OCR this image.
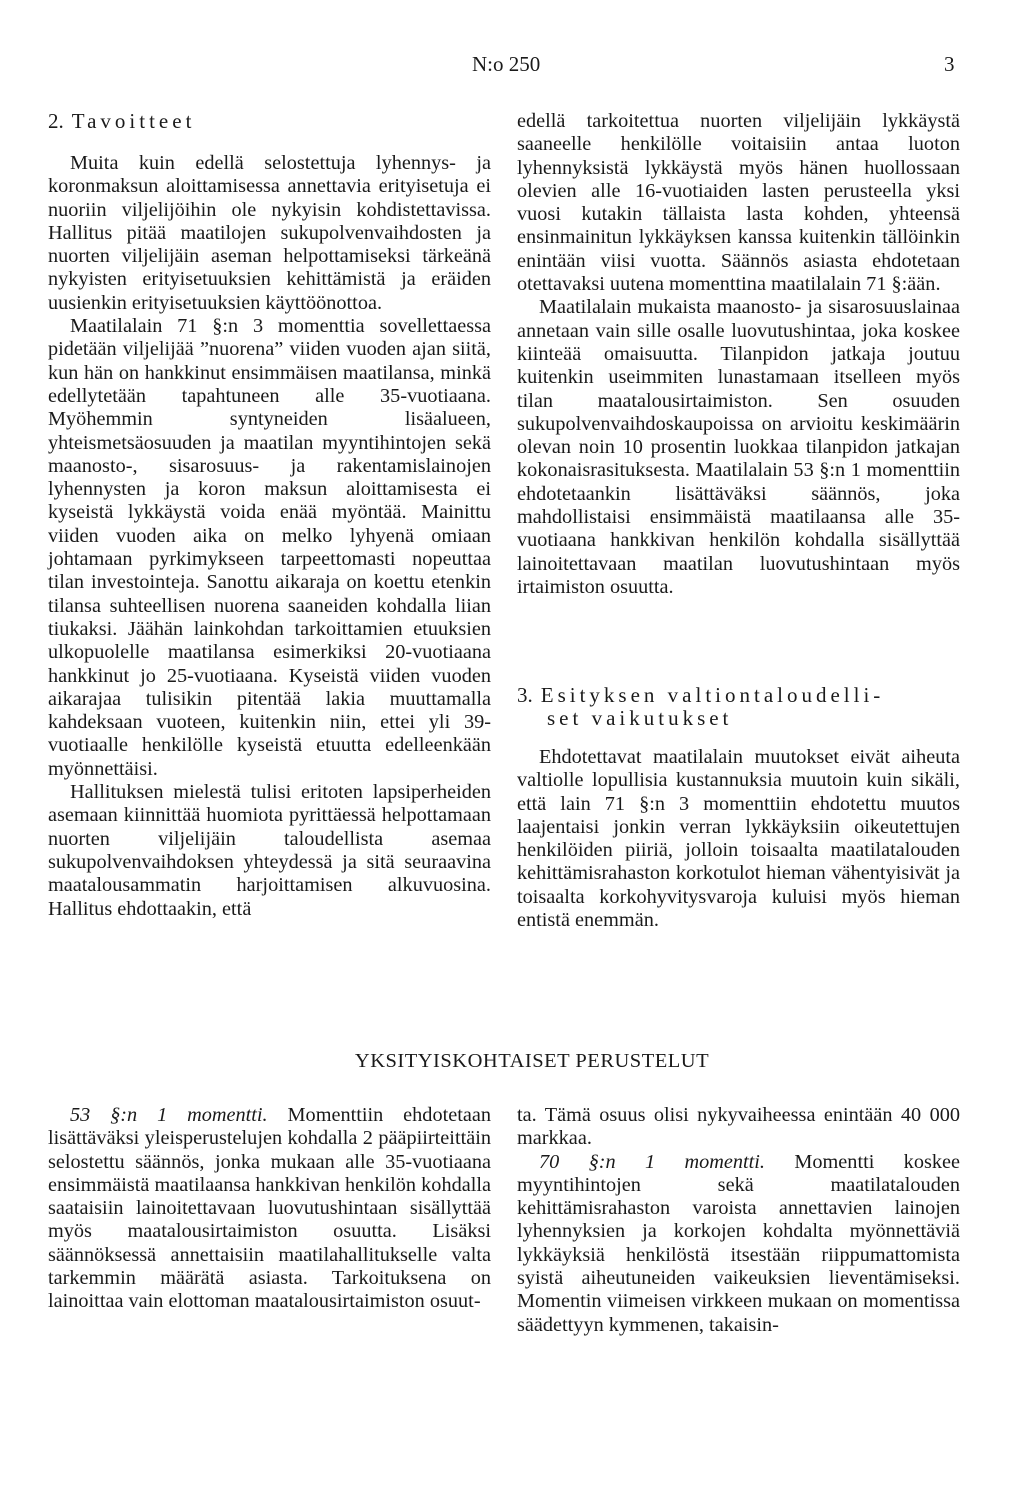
N:o 250	3
2. Tavoitteet

Muita kuin edellä selostettuja lyhennys- ja koronmaksun aloittamisessa annettavia erityisetuja ei nuoriin viljelijöihin ole nykyisin kohdistettavissa. Hallitus pitää maatilojen sukupolvenvaihdosten ja nuorten viljelijäin aseman helpottamiseksi tärkeänä nykyisten erityisetuuksien kehittämistä ja eräiden uusienkin erityisetuuksien käyttöönottoa.

Maatilalain 71 §:n 3 momenttia sovellettaessa pidetään viljelijää ”nuorena” viiden vuoden ajan siitä, kun hän on hankkinut ensimmäisen maatilansa, minkä edellytetään tapahtuneen alle 35-vuotiaana. Myöhemmin syntyneiden lisäalueen, yhteismetsäosuuden ja maatilan myyntihintojen sekä maanosto-, sisarosuus- ja rakentamislainojen lyhennysten ja koron maksun aloittamisesta ei kyseistä lykkäystä voida enää myöntää. Mainittu viiden vuoden aika on melko lyhyenä omiaan johtamaan pyrkimykseen tarpeettomasti nopeuttaa tilan investointeja. Sanottu aikaraja on koettu etenkin tilansa suhteellisen nuorena saaneiden kohdalla liian tiukaksi. Jäähän lainkohdan tarkoittamien etuuksien ulkopuolelle maatilansa esimerkiksi 20-vuotiaana hankkinut jo 25-vuotiaana. Kyseistä viiden vuoden aikarajaa tulisikin pitentää lakia muuttamalla kahdeksaan vuoteen, kuitenkin niin, ettei yli 39-vuotiaalle henkilölle kyseistä etuutta edelleenkään myönnettäisi.

Hallituksen mielestä tulisi eritoten lapsiperheiden asemaan kiinnittää huomiota pyrittäessä helpottamaan nuorten viljelijäin taloudellista asemaa sukupolvenvaihdoksen yhteydessä ja sitä seuraavina maatalousammatin harjoittamisen alkuvuosina. Hallitus ehdottaakin, että

edellä tarkoitettua nuorten viljelijäin lykkäystä saaneelle henkilölle voitaisiin antaa luoton lyhennyksistä lykkäystä myös hänen huollossaan olevien alle 16-vuotiaiden lasten perusteella yksi vuosi kutakin tällaista lasta kohden, yhteensä ensinmainitun lykkäyksen kanssa kuitenkin tällöinkin enintään viisi vuotta. Säännös asiasta ehdotetaan otettavaksi uutena momenttina maatilalain 71 §:ään.

Maatilalain mukaista maanosto- ja sisarosuuslainaa annetaan vain sille osalle luovutushintaa, joka koskee kiinteää omaisuutta. Tilanpidon jatkaja joutuu kuitenkin useimmiten lunastamaan itselleen myös tilan maatalousirtaimiston. Sen osuuden sukupolvenvaihdoskaupoissa on arvioitu keskimäärin olevan noin 10 prosentin luokkaa tilanpidon jatkajan kokonaisrasituksesta. Maatilalain 53 §:n 1 momenttiin ehdotetaankin lisättäväksi säännös, joka mahdollistaisi ensimmäistä maatilaansa alle 35-vuotiaana hankkivan henkilön kohdalla sisällyttää lainoitettavaan maatilan luovutushintaan myös irtaimiston osuutta.

3. Esityksen valtiontaloudelli-
set vaikutukset

Ehdotettavat maatilalain muutokset eivät aiheuta valtiolle lopullisia kustannuksia muutoin kuin sikäli, että lain 71 §:n 3 momenttiin ehdotettu muutos laajentaisi jonkin verran lykkäyksiin oikeutettujen henkilöiden piiriä, jolloin toisaalta maatilatalouden kehittämisrahaston korkotulot hieman vähentyisivät ja toisaalta korkohyvitysvaroja kuluisi myös hieman entistä enemmän.

YKSITYISKOHTAISET PERUSTELUT

53 §:n 1 momentti. Momenttiin ehdotetaan lisättäväksi yleisperustelujen kohdalla 2 pääpiirteittäin selostettu säännös, jonka mukaan alle 35-vuotiaana ensimmäistä maatilaansa hankkivan henkilön kohdalla saataisiin lainoitettavaan luovutushintaan sisällyttää myös maatalousirtaimiston osuutta. Lisäksi säännöksessä annettaisiin maatilahallitukselle valta tarkemmin määrätä asiasta. Tarkoituksena on lainoittaa vain elottoman maatalousirtaimiston osuut-

ta. Tämä osuus olisi nykyvaiheessa enintään 40 000 markkaa.

70 §:n 1 momentti. Momentti koskee myyntihintojen sekä maatilatalouden kehittämisrahaston varoista annettavien lainojen lyhennyksien ja korkojen kohdalta myönnettäviä lykkäyksiä henkilöstä itsestään riippumattomista syistä aiheutuneiden vaikeuksien lieventämiseksi. Momentin viimeisen virkkeen mukaan on momentissa säädettyyn kymmenen, takaisin-
